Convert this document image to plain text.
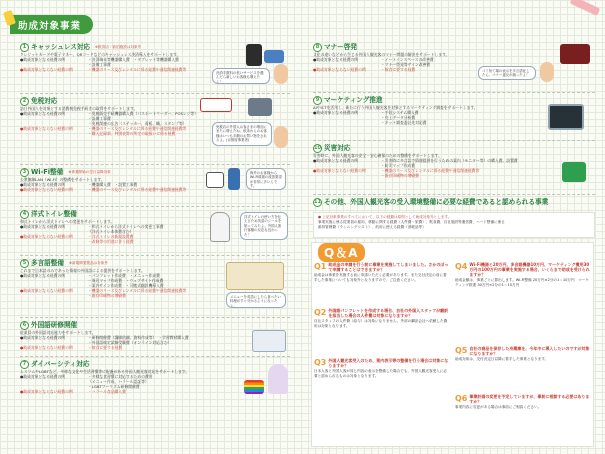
助成対象事業
1 キャッシュレス対応 ※飲食店・宿泊施設は対象外
クレジットカードや電子マネー、QRコードなどのキャッシュレス決済導入をサポートします。
●助成対象となる経費の例	・決済端末等機器購入費　・タブレット等機器購入費
・設備工事費
●助成対象とならない経費の例	・機器のリース及びレンタルに係る経費や通信関連経費等
決済手数料の低いサービスを選んだら新しいお客様も増えたよ！
2 免税対応
訪日外国人を対象とする消費税免税手続きの取得をサポートします。
●助成対象となる経費の例	・免税販売手続機器購入費（パスポートリーダー、POSレジ等）
・設備工事費
・免税関連の広告（ステッカー、看板、幟、スタンプ等）
●助成対象とならない経費の例	・機器のリース及びレンタルに係る経費や通信関連経費等
・購入記録票、判別表等の所定の取扱いに係る経費
免税店の外国人お客さまの増加にまたに増えたね。欧米からのお客様はいつも多額のお買い物をされるよ。(京都府事業者)
3 Wi-Fi整備 ※事業開始の翌日以降対象
公衆無線LAN（Wi-Fi）の整備をサポートします。
●助成対象となる経費の例	・機器購入費　・設置工事費
●助成対象とならない経費の例	・機器のリース及びレンタルに係る経費や通信関連経費等
海外のお客様からWi-Fi環境の改善要望が非常に多いんです。
4 洋式トイレ整備
和式トイレから洋式トイレへの変更をサポートします。
●助成対象となる経費の例	・和式トイレから洋式トイレへの変更工事費
（洋式トイレ本体費含む）
●助成対象とならない経費の例	・洋式トイレの新規設置費
・改修等の用途に伴う経費
洋式トイレの使い方を伝えるため英語のシールを貼ってみたよ。外国人旅行客様の反応も良かった！
5 多言語整備 ※新規開発製品は対象外
これまで日本語のみであった情報の外国語による提供をサポートします。
●助成対象となる経費の例	・パンフレット作成費　・メニュー作成費
・周辺マップ作成費　・ウェブサイト作成費
・案内サイン作成費　・可搬式翻訳機導入費
●助成対象とならない経費の例	・機器のリース及びレンタルに係る経費や通信関連経費等
・既存印刷物の増刷費	メニューを英語にしたら食べたい料理がすぐ分かるようになったよ。
6 外国語研修開催
従業員の外国語対応能力をサポートします。
●助成対象となる経費の例	・研修開催費（講師依頼、資料作成等）　・学習教材購入費
・外国語検定試験受験費（オンライン対応含む）
●助成対象とならない経費の例	・飲食に要する経費
7 ダイバーシティ対応
ムスリムやLGBTなど、多様な文化や生活習慣等に配慮がある外国人観光客対応をサポートします。
●助成対象となる経費の例	・多様な食習慣に対応するための費用
（メニュー作成、ハラール認証等）
・LGBTツーリズム研修開催費
●助成対象とならない経費の例	・ハラール食品購入費
8 マナー啓発
文化の違いなどから生じる外国人観光客のマナー問題の解決をサポートします。
●助成対象となる経費の例	・イートインスペースの改善費
・マナー啓発等サイン改善費
●助成対象とならない経費の例	・飲食に要する経費	ゴミ捨て場の表示を多言語化したら、マナー違反が減ったよ！
9 マーケティング推進
AIやICTを活用し、新たに行う外国人観光客を対象とするマーケティング調査をサポートします。
●助成対象となる経費の例	・手段システム購入費
・売上データ分析費
・ネット調査委託先対応費
10 災害対応
災害時に、外国人観光客の安全・安心確保のための整備をサポートします。
●助成対象となる経費の例	・災害時に多言語で情報提供を行うための案内（モニター等）の購入費、設置費
・防災マップ作成費
●助成対象とならない経費の例	・機器のリース及びレンタルに係る経費や通信関連経費等
・既存印刷物の増刷費
11 その他、外国人観光客の受入環境整備に必要な経費であると認められる事業
● 上記対象事業のすべてにおいて、以下の経費は原則として助成対象外とします。
事業実施に係る従業員の雇用、移動に関する経費（人件費・旅費）、飲食費、自社施設等運営費、ハード整備に係る
維持管理費（ランニングコスト）、汎用に使える経費（消耗品等）
Q＆A
Q1 助成金の申請を行う前に事業を実施してしまいました。さかのぼって申請することはできますか？
助成金は事業を実施する前に申請いただく必要があります。また交付決定の前に着手した事業についても対象外となりますので、ご注意ください。
Q2 外国語パンフレットを作成する場合、自社の外国人スタッフが翻訳を担当した場合の人件費は対象になりますか？
自社スタッフの人件費（給与）は対象になりません。外部の翻訳会社へ依頼した費用は対象となります。
Q3 外国人観光客受入のため、案内表示等の整備を行う場合は対象になりますか？
日本人客と外国人客が同じ内容の表示を整備した場合でも、外国人観光客受入に必要と認められるものは対象となります。
Q4 Wi-Fi機器と20万円、多言語機器10万円、マーケティング費用30万円の100万円の事業を実施する場合、いくらまで助成を受けられますか？
助成金額は、事業ごとに算出します。Wi-Fi整備 20万円×2分の1＝10万円　マーケティング推進 30万円×2分の1＝15万円
Q5 自社の商品を保存した冷蔵庫を、今年中に導入したいのですが対象になりますか？
助成対象は、交付決定日以降に着手した事業となります。
Q6 事業計画の変更を予定していますが、事前に相談する必要はありますか？
事業内容に変更がある場合は事前にご相談ください。
